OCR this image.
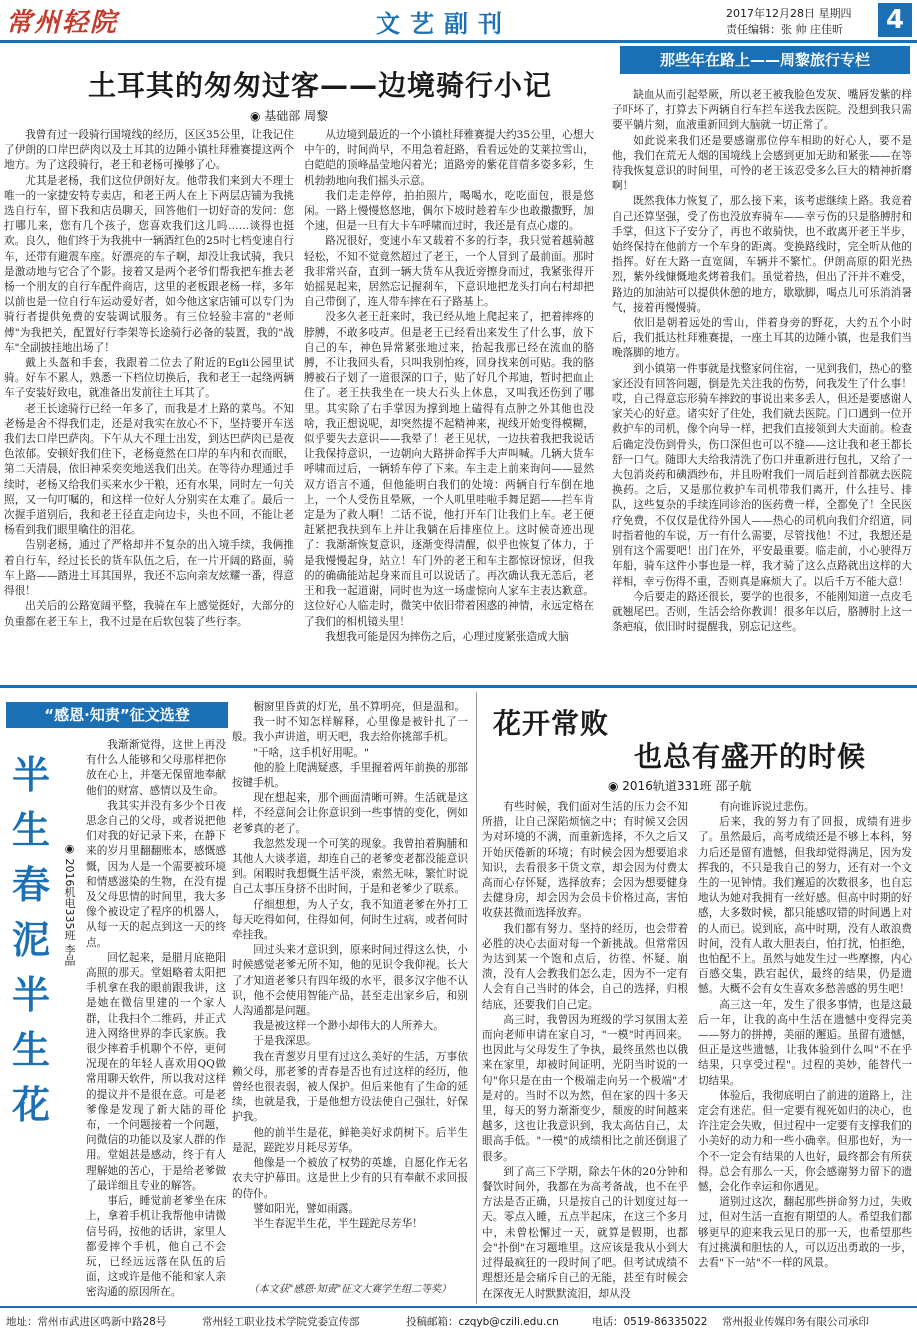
常州轻院	文艺副刊	2017年12月28日 星期四
责任编辑：张 帅 庄佳昕	4
那些年在路上——周黎旅行专栏
土耳其的匆匆过客——边境骑行小记
◉ 基础部 周黎

我曾有过一段骑行国境线的经历，区区35公里，让我记住了伊朗的口岸巴萨肉以及土耳其的边陲小镇杜拜雅赛提这两个地方。为了这段骑行，老王和老杨可操够了心。

尤其是老杨，我们这位伊朗好友。他带我们来到大不理士唯一的一家捷安特专卖店，和老王两人在上下两层店铺为我挑选自行车，留下我和店员聊天，回答他们一切好奇的发问：您打哪儿来，您有几个孩子，您喜欢我们这儿吗……谈得也挺欢。良久，他们终于为我挑中一辆酒红色的25吋七档变速自行车，还带有避震车座。好漂亮的车子啊，却没让我试骑，我只是激动地与它合了个影。接着又是两个老爷们帮我把车推去老杨一个朋友的自行车配件商店，这里的老板跟老杨一样，多年以前也是一位自行车运动爱好者，如今他这家店铺可以专门为骑行者提供免费的安装调试服务。有三位轻验丰富的"老师傅"为我把关，配置好行李架等长途骑行必备的装置，我的"战车"全副披挂地出场了！

戴上头盔和手套，我跟着二位去了附近的Egli公园里试骑。好车不累人，熟悉一下档位切换后，我和老王一起绕两辆车子安装好致电，就准备出发前往土耳其了。

老王长途骑行已经一年多了，而我是才上路的菜鸟。不知老杨是舍不得我们走，还是对我实在放心不下，坚持要开车送我们去口岸巴萨肉。下午从大不理士出发，到达巴萨肉已是夜色浓郁。安顿好我们住下，老杨竟然在口岸的车内和衣而眠，第二天清晨，依旧神采奕奕地送我们出关。在等待办理通过手续时，老杨又给我们买来水少干粮，还有水果，同时左一句关照，又一句叮嘱的，和这样一位好人分别实在太难了。最后一次握手道别后，我和老王径直走向边卡，头也不回，不能让老杨看到我们眼里噙住的泪花。

告别老杨，通过了严格却并不复杂的出入境手续，我俩推着自行车，经过长长的货车队伍之后，在一片开阔的路面，骑车上路——踏进土耳其国界，我还不忘向亲友炫耀一番，得意得很！

出关后的公路宽阔平整，我骑在车上感觉挺好，大部分的负重都在老王车上，我不过是在后软包装了些行李。

从边境到最近的一个小镇杜拜雅赛提大约35公里，心想大中午的，时间尚早，不用急着赶路，看看远处的艾莱拉雪山，白皑皑的顶峰晶莹地闪着光；道路旁的紫花苜蓿多姿多彩，生机勃勃地向我们摇头示意。

我们走走停停，拍拍照片，喝喝水，吃吃面包，很是悠闲。一路上慢慢悠悠地，偶尔下坡时趁着车少也敢撒撒野，加个速，但是一旦有大卡车呼啸而过时，我还是有点心虚的。

路况很好，变速小车又载着不多的行李，我只觉着越骑越轻松，不知不觉竟然超过了老王，一个人冒到了最前面。那时我非常兴奋，直到一辆大货车从我近旁擦身而过，我紧张得开始摇晃起来，居然忘记握刹车，下意识地把龙头打向右村却把自己带倒了，连人带车摔在石子路基上。

没多久老王赶来时，我已经从地上爬起来了，把着摔疼的脖膊，不敢多吱声。但是老王已经看出来发生了什么事，放下自己的车，神色异常紧张地过来，抬起我那已经在流血的胳膊，不让我回头看，只叫我别怕疼，回身找来创可贴。我的胳膊被石子划了一道很深的口子，贴了好几个邦迪，暂时把血止住了。老王扶我坐在一块大石头上休息，又叫我还伤到了哪里。其实除了右手掌因为撑到地上磕得有点肿之外其他也没啥，我正想说呢，却突然提不起精神来，视线开始变得模糊，似乎要失去意识——我晕了！老王见状，一边扶着我把我说话让我保持意识，一边朝向大路拼命挥手大声叫喊。几辆大货车呼啸而过后，一辆轿车停了下来。车主走上前来询问——显然双方语言不通，但他能明白我们的处境：两辆自行车倒在地上，一个人受伤且晕厥，一个人叽里哇啦手舞足蹈——拦车肯定是为了救人啊！二话不说，他打开车门让我们上车。老王便赶紧把我扶到车上并让我躺在后排座位上。这时候奇迹出现了：我渐渐恢复意识，逐渐变得清醒，似乎也恢复了体力，于是我慢慢起身，站立！车门外的老王和车主都惊讶惊讶，但我的的确确能站起身来而且可以说话了。再次确认我无恙后，老王和我一起道谢，同时也为这一场虚惊向人家车主表达歉意。这位好心人临走时，微笑中依旧带着困惑的神情，永远定格在了我们的相机镜头里！

我想我可能是因为摔伤之后，心理过度紧张造成大脑

缺血从而引起晕厥，所以老王被我脸色发灰、嘴唇发紫的样子吓坏了，打算去下两辆自行车拦车送我去医院。没想到我只需要平躺片刻，血液重新回到大脑就一切正常了。

如此说来我们还是要感谢那位停车相助的好心人，要不是他，我们在荒无人烟的国境线上会感到更加无助和紧张——在等待我恢复意识的时间里，可怜的老王该忍受多么巨大的精神折磨啊！

既然我体力恢复了，那么接下来，该考虑继续上路。我竞着自己还算坚强，受了伤也没放弃骑车——幸亏伤的只是胳膊肘和手掌，但这下子安分了，再也不敢骑快，也不敢离开老王半步，始终保持在他前方一个车身的距离。变换路线时，完全听从他的指挥。好在大路一直宽阔，车辆并不繁忙。伊朗高原的阳光热烈，紫外线慷慨地炙烤着我们。虽觉着热，但出了汗并不难受，路边的加油站可以提供休憩的地方，歇歇脚，喝点儿可乐消消暑气，接着再慢慢骑。

依旧是朝着远处的雪山，伴着身旁的野花，大约五个小时后，我们抵达杜拜雅赛提，一座土耳其的边陲小镇，也是我们当晚落脚的地方。

到小镇第一件事就是找整家问住宿，一见到我们，热心的整家还没有回答问题，倒是先关注我的伤势，问我发生了什么事！哎，自己得意忘形骑车摔跤的事说出来多丢人，但还是要感谢人家关心的好意。诸实好了住处，我们就去医院。门口遇到一位开救护车的司机，像个向导一样，把我们直接领到大夫面前。检查后确定没伤到骨头，伤口深但也可以不缝——这让我和老王都长舒一口气。随即大夫给我清洗了伤口并重新进行包扎，又给了一大包消炎药和碘酒纱布，并且吩咐我们一周后赶到首都就去医院换药。之后，又是那位救护车司机带我们离开，什么挂号、排队，这些复杂的手续连同诊治的医药费一样，全都免了！全民医疗免费，不仅仅是优待外国人——热心的司机向我们介绍道，同时指着他的车说，万一有什么需要，尽管找他！不过，我想还是别有这个需要吧！出门在外，平安最重要。临走前，小心驶得万年船，骑车这件小事也是一样，我才骑了这么点路就出这样的大祥相，幸亏伤得不重，否则真是麻烦大了。以后千万不能大意！

今后要走的路还很长，要学的也很多，不能刚知道一点皮毛就翘尾巴。否则，生活会给你教训！很多年以后，胳膊肘上这一条疤痕，依旧时时提醒我，别忘记这些。

“感恩·知责”征文选登
半生春泥半生花
◉ 2016机电335班 李晶

我渐渐觉得，这世上再没有什么人能够和父母那样把你放在心上，并毫无保留地奉献他们的财富、感情以及生命。

我其实并没有多少个日夜思念自己的父母，或者说把他们对我的好记录下来，在静下来的岁月里翻翻账本，感慨感慨，因为人是一个需要被环境和情感滋染的生物，在没有提及父母思情的时间里，我大多像个被设定了程序的机器人，从每一天的起点到这一天的终点。

回忆起来，是腊月底艳阳高照的那天。堂姐略着太阳把手机拿在我的眼前跟我讲，这是她在微信里建的一个家人群，让我扫个二维码，并正式进入网络世界的李氏家族。我很少摔着手机聊个不停，更何况现在的年轻人喜欢用QQ做常用聊天软件，所以我对这样的提议并不是很在意。可是老爹像是发现了新大陆的哥伦布，一个问题接着一个问题，问微信的功能以及家人群的作用。堂姐甚是感动，终于有人理解她的苦心，于是给老爹做了最详细且专业的解答。

事后，睡觉前老爹坐在床上，拿着手机让我帮他申请微信号码，按他的话讲，家里人都爱摔个手机，他自己不会玩，已经远远落在队伍的后面，这或许是他不能和家人亲密沟通的原因所在。

橱窗里昏黄的灯光，虽不算明亮，但是温和。

我一时不知怎样解释，心里像是被针扎了一般。我小声讲道，明天吧，我去给你挑部手机。

"干啥，这手机好用呢。"

他的脸上爬满疑惑，手里握着两年前换的那部按键手机。

现在想起来，那个画面清晰可辨。生活就是这样，不经意间会让你意识到一些事情的变化，例如老爹真的老了。

我忽然发现一个可笑的现象。我曾拍着胸脯和其他人大谈孝道，却连自己的老爹变老都没能意识到。闲暇时我想慨生活平淡，索然无味，繁忙时说自己太事压身挤不出时间，于是和老爹少了联系。

仔细想想，为人子女，我不知道老爹在外打工每天吃得如何，住得如何，何时生过病，或者何时牵挂我。

回过头来才意识到，原来时间过得这么快，小时候感觉老爹无所不知，他的见识令我仰视。长大了才知道老爹只有四年级的水平，很多汉字他不认识，他不会使用智能产品，甚至走出家乡后，和别人沟通都是问题。

我是被这样一个渺小却伟大的人所养大。

于是我深思。

我在青葱岁月里有过这么美好的生活，万事依赖父母，那老爹的青春是否也有过这样的经历，他曾经也很表弱，被人保护。但后来他有了生命的延续，也就是我，于是他想方设法使自己强壮，好保护我。

他的前半生是花，鲜艳美好求荫树下。后半生是泥，蹉跎岁月耗尽芳华。

他像是一个被放了权势的英雄，自愿化作无名农夫守护幕田。这是世上少有的只有奉献不求回报的侍仆。

譬如阳光，譬如雨露。

半生春泥半生花，半生蹉跎尽芳华！

（本文获"感恩·知责"征文大赛学生组二等奖）
花开常败
也总有盛开的时候
◉ 2016轨道331班 邵子航

有些时候，我们面对生活的压力会不知所措，让自己深陷烦恼之中；有时候又会因为对环境的不满，而重新选择，不久之后又开始厌倦新的环境；有时候会因为想要追求知识，去看很多干货文章，却会因为付费太高而心存怀疑，选择放弃；会因为想要健身去健身房，却会因为会员卡价格过高，害怕收获甚微而选择放弃。

我们都有努力、坚持的经历，也会带着必胜的决心去面对每一个新挑战。但常常因为达到某一个饱和点后，彷徨、怀疑、崩溃，没有人会教我们怎么走，因为不一定有人会有自己当时的体会，自己的选择，归根结底，还要我们自己定。

高三时，我曾因为班级的学习氛围太差而向老师申请在家自习，"一模"时再回来。也因此与父母发生了争执，最终虽然也以俄来在家里，却被时间证明，光阴当时说的一句"你只是在由一个极端走向另一个极端"才是对的。当时不以为然，但在家的四十多天里，每天的努力渐渐变少，颓废的时间越来越多，这也让我意识到，我太高估自己，太眼高手低。"一模"的成绩相比之前还倒退了很多。

到了高三下学期，除去午休的20分钟和餐饮时间外，我都在为高考备战，也不在乎方法是否正确，只是按自己的计划度过每一天。零点入睡，五点半起床，在这三个多月中，未曾松懈过一天，就算是假期，也都会"扑倒"在习题堆里。这应该是我从小到大过得最疯狂的一段时间了吧。但考试成绩不理想还是会痛斥自己的无能，甚至有时候会在深夜无人时默默流泪，却从没

有向谁诉说过悲伤。

后来，我的努力有了回报，成绩有进步了。虽然最后，高考成绩还是不够上本科，努力后还是留有遗憾，但我却觉得满足，因为发挥我的，不只是我自己的努力，还有对一个文生的一见钟情。我们邂逅的次数很多，也自忘地认为她对我拥有一丝好感。但高中时期的好感，大多数时候，都只能感叹错的时间遇上对的人而已。说到底，高中时期，没有人敢浪费时间，没有人敢大胆表白，怕打扰，怕拒绝，也怕配不上。虽然与她发生过一些摩擦，内心百感交集，跌宕起伏，最终的结果，仍是遗憾。大概不会有女生喜欢多愁善感的男生吧！

高三这一年，发生了很多事情，也是这最后一年，让我的高中生活在遗憾中变得完美——努力的拼搏，美丽的邂逅。虽留有遗憾，但正是这些遗憾，让我体验到什么叫"不在乎结果，只享受过程"。过程的美妙，能替代一切结果。

体验后，我彻底明白了前进的道路上，注定会有迷茫。但一定要有视死如归的决心，也许注定会失败，但过程中一定要有支撑我们的小美好的动力和一些小确幸。但那也好，为一个不一定会有结果的人也好，最终都会有所获得。总会有那么一天，你会感谢努力留下的遗憾，会化作幸运和你遇见。

道别过这次，翻起那些拼命努力过，失败过，但对生活一直抱有期望的人。希望我们都够更早的迎来我云见日的那一天，也希望那些有过挑潢和胆怯的人，可以迈出勇敢的一步，去看"下一站"不一样的风景。

地址：常州市武进区鸣新中路28号	常州轻工职业技术学院党委宣传部	投稿邮箱：czqyb@czili.edu.cn	电话：0519-86335022 常州报业传媒印务有限公司承印
